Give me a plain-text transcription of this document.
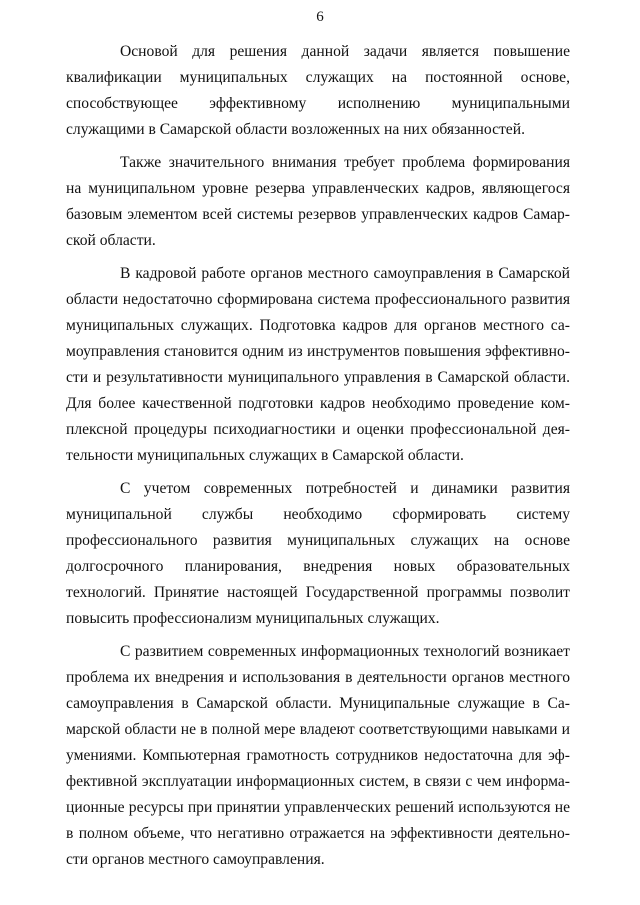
6

Основой для решения данной задачи является повышение квалификации муниципальных служащих на постоянной основе, способствующее эффективному исполнению муниципальными служащими в Самарской области возложенных на них обязанностей.

Также значительного внимания требует проблема формирования на муниципальном уровне резерва управленческих кадров, являющегося базовым элементом всей системы резервов управленческих кадров Самарской области.

В кадровой работе органов местного самоуправления в Самарской области недостаточно сформирована система профессионального развития муниципальных служащих. Подготовка кадров для органов местного самоуправления становится одним из инструментов повышения эффективности и результативности муниципального управления в Самарской области. Для более качественной подготовки кадров необходимо проведение комплексной процедуры психодиагностики и оценки профессиональной деятельности муниципальных служащих в Самарской области.

С учетом современных потребностей и динамики развития муниципальной службы необходимо сформировать систему профессионального развития муниципальных служащих на основе долгосрочного планирования, внедрения новых образовательных технологий. Принятие настоящей Государственной программы позволит повысить профессионализм муниципальных служащих.

С развитием современных информационных технологий возникает проблема их внедрения и использования в деятельности органов местного самоуправления в Самарской области. Муниципальные служащие в Самарской области не в полной мере владеют соответствующими навыками и умениями. Компьютерная грамотность сотрудников недостаточна для эффективной эксплуатации информационных систем, в связи с чем информационные ресурсы при принятии управленческих решений используются не в полном объеме, что негативно отражается на эффективности деятельности органов местного самоуправления.
